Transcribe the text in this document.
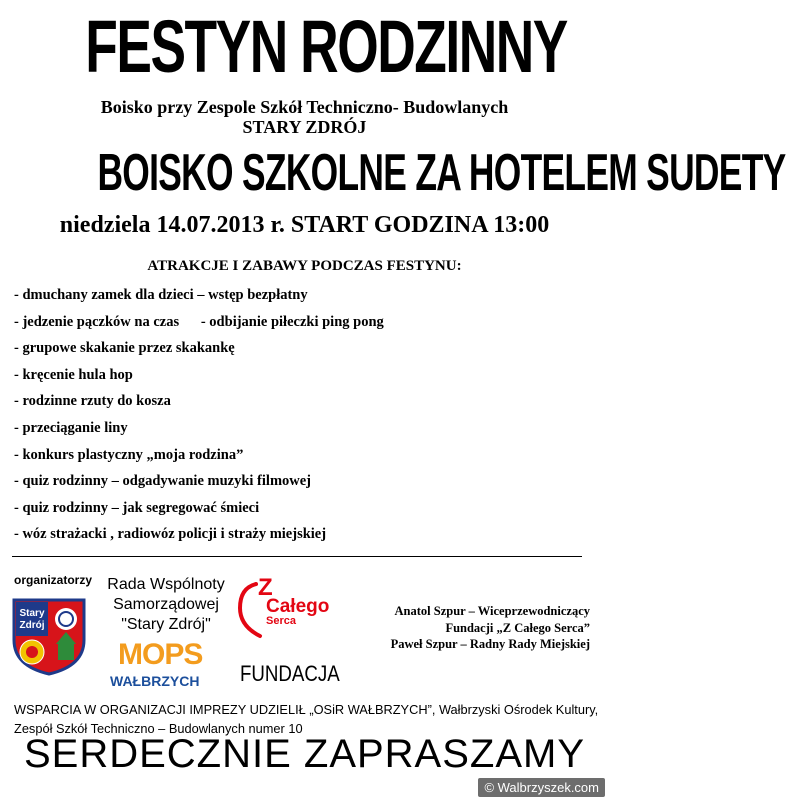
FESTYN RODZINNY
Boisko przy Zespole Szkół Techniczno- Budowlanych
STARY ZDRÓJ
BOISKO SZKOLNE ZA HOTELEM SUDETY
niedziela 14.07.2013 r. START GODZINA 13:00
ATRAKCJE I ZABAWY PODCZAS FESTYNU:
- dmuchany zamek dla dzieci – wstęp bezpłatny
- jedzenie pączków na czas      - odbijanie piłeczki ping pong
- grupowe skakanie przez skakankę
- kręcenie hula hop
- rodzinne rzuty do kosza
- przeciąganie liny
- konkurs plastyczny „moja rodzina”
- quiz rodzinny – odgadywanie muzyki filmowej
- quiz rodzinny – jak segregować śmieci
- wóz strażacki , radiowóz policji i straży miejskiej
organizatorzy
Stary
Zdrój
Rada Wspólnoty
Samorządowej
"Stary Zdrój"
MOPS
WAŁBRZYCH
Z
Całego
Serca
FUNDACJA
Anatol Szpur – Wiceprzewodniczący
Fundacji „Z Całego Serca”
Paweł Szpur – Radny Rady Miejskiej
WSPARCIA W ORGANIZACJI IMPREZY UDZIELIŁ „OSiR WAŁBRZYCH”, Wałbrzyski Ośrodek Kultury, Zespół Szkół Techniczno – Budowlanych numer 10
SERDECZNIE ZAPRASZAMY
© Walbrzyszek.com
